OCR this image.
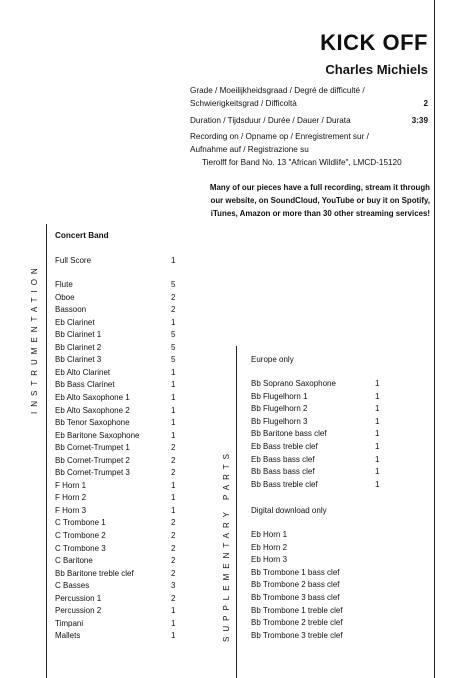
KICK OFF
Charles Michiels
Grade / Moeilijkheidsgraad / Degré de difficulté /
Schwierigkeitsgrad / Difficoltà	2
Duration / Tijdsduur / Durée / Dauer / Durata	3:39
Recording on / Opname op / Enregistrement sur /
Aufnahme auf / Registrazione su
Tierolff for Band No. 13 "African Wildlife", LMCD-15120
Many of our pieces have a full recording, stream it through
our website, on SoundCloud, YouTube or buy it on Spotify,
iTunes, Amazon or more than 30 other streaming services!
INSTRUMENTATION
SUPPLEMENTARY PARTS
Concert Band
Full Score	1
Flute	5
Oboe	2
Bassoon	2
Eb Clarinet	1
Bb Clarinet 1	5
Bb Clarinet 2	5
Bb Clarinet 3	5
Eb Alto Clarinet	1
Bb Bass Clarinet	1
Eb Alto Saxophone 1	1
Eb Alto Saxophone 2	1
Bb Tenor Saxophone	1
Eb Baritone Saxophone	1
Bb Cornet-Trumpet 1	2
Bb Cornet-Trumpet 2	2
Bb Cornet-Trumpet 3	2
F Horn 1	1
F Horn 2	1
F Horn 3	1
C Trombone 1	2
C Trombone 2	2
C Trombone 3	2
C Baritone	2
Bb Baritone treble clef	2
C Basses	3
Percussion 1	2
Percussion 2	1
Timpani	1
Mallets	1
Europe only
Bb Soprano Saxophone	1
Bb Flugelhorn 1	1
Bb Flugelhorn 2	1
Bb Flugelhorn 3	1
Bb Baritone bass clef	1
Eb Bass treble clef	1
Eb Bass bass clef	1
Bb Bass bass clef	1
Bb Bass treble clef	1
Digital download only
Eb Horn 1
Eb Horn 2
Eb Horn 3
Bb Trombone 1 bass clef
Bb Trombone 2 bass clef
Bb Trombone 3 bass clef
Bb Trombone 1 treble clef
Bb Trombone 2 treble clef
Bb Trombone 3 treble clef
